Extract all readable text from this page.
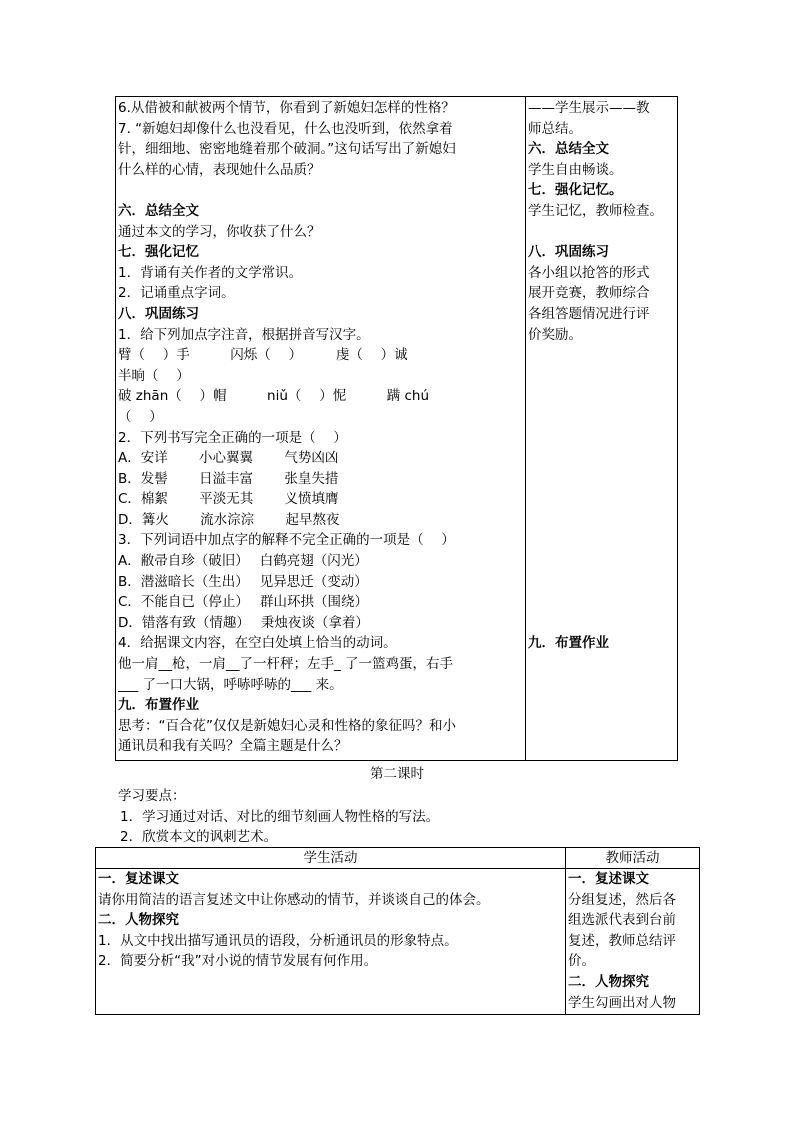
6.从借被和献被两个情节，你看到了新媳妇怎样的性格？
7. “新媳妇却像什么也没看见，什么也没听到，依然拿着
针，细细地、密密地缝着那个破洞。”这句话写出了新媳妇
什么样的心情，表现她什么品质？
六．总结全文
通过本文的学习，你收获了什么？
七．强化记忆
1．背诵有关作者的文学常识。
2．记诵重点字词。
八．巩固练习
1．给下列加点字注音，根据拼音写汉字。
臂（　 ）手　　　闪烁（　 ）　　　虔（　 ）诚
半晌（　 ）
破 zhān（　 ）帽　　　niǔ（　 ）怩　　　蹒 chú
（　 ）
2．下列书写完全正确的一项是（　 ）
A．安详　　 小心翼翼　　 气势凶凶
B．发髻　　 日溢丰富　　 张皇失措
C．棉絮　　 平淡无其　　 义愤填膺
D．篝火　　 流水淙淙　　 起早熬夜
3．下列词语中加点字的解释不完全正确的一项是（　 ）
A．敝帚自珍（破旧）　 白鹤亮翅（闪光）
B．潜滋暗长（生出）　 见异思迁（变动）
C．不能自已（停止）　 群山环拱（围绕）
D．错落有致（情趣）　 秉烛夜谈（拿着）
4．给据课文内容，在空白处填上恰当的动词。
他一肩__枪，一肩__了一杆秤；左手_ 了一篮鸡蛋，右手
___ 了一口大锅，呼哧呼哧的___ 来。
九．布置作业
思考：“百合花”仅仅是新媳妇心灵和性格的象征吗？和小
通讯员和我有关吗？全篇主题是什么？
——学生展示——教
师总结。
六．总结全文
学生自由畅谈。
七．强化记忆。
学生记忆，教师检查。
八．巩固练习
各小组以抢答的形式
展开竞赛，教师综合
各组答题情况进行评
价奖励。
九．布置作业
第二课时
学习要点：
1．学习通过对话、对比的细节刻画人物性格的写法。
2．欣赏本文的讽刺艺术。
学生活动	教师活动
一．复述课文
请你用简洁的语言复述文中让你感动的情节，并谈谈自己的体会。
二．人物探究
1．从文中找出描写通讯员的语段，分析通讯员的形象特点。
2．简要分析“我”对小说的情节发展有何作用。
一．复述课文
分组复述，然后各
组选派代表到台前
复述，教师总结评
价。
二．人物探究
学生勾画出对人物
